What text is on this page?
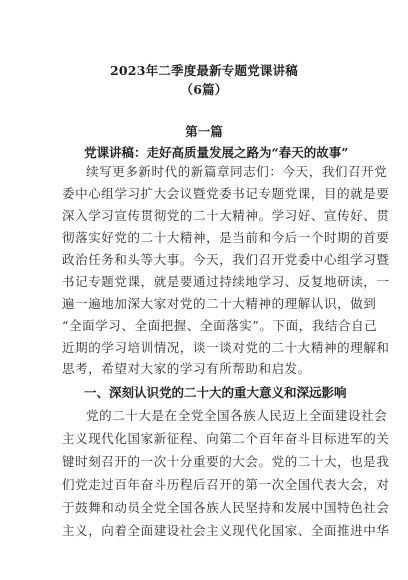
2023年二季度最新专题党课讲稿
（6篇）
第一篇
党课讲稿：走好高质量发展之路为“春天的故事”
续写更多新时代的新篇章同志们：今天，我们召开党
委中心组学习扩大会议暨党委书记专题党课，目的就是要
深入学习宣传贯彻党的二十大精神。学习好、宣传好、贯
彻落实好党的二十大精神，是当前和今后一个时期的首要
政治任务和头等大事。今天，我们召开党委中心组学习暨
书记专题党课，就是要通过持续地学习、反复地研读，一
遍一遍地加深大家对党的二十大精神的理解认识，做到
“全面学习、全面把握、全面落实”。下面，我结合自己
近期的学习培训情况，谈一谈对党的二十大精神的理解和
思考，希望对大家的学习有所帮助和启发。
一、深刻认识党的二十大的重大意义和深远影响
党的二十大是在全党全国各族人民迈上全面建设社会
主义现代化国家新征程、向第二个百年奋斗目标进军的关
键时刻召开的一次十分重要的大会。党的二十大，也是我
们党走过百年奋斗历程后召开的第一次全国代表大会，对
于鼓舞和动员全党全国各族人民坚持和发展中国特色社会
主义，向着全面建设社会主义现代化国家、全面推进中华
